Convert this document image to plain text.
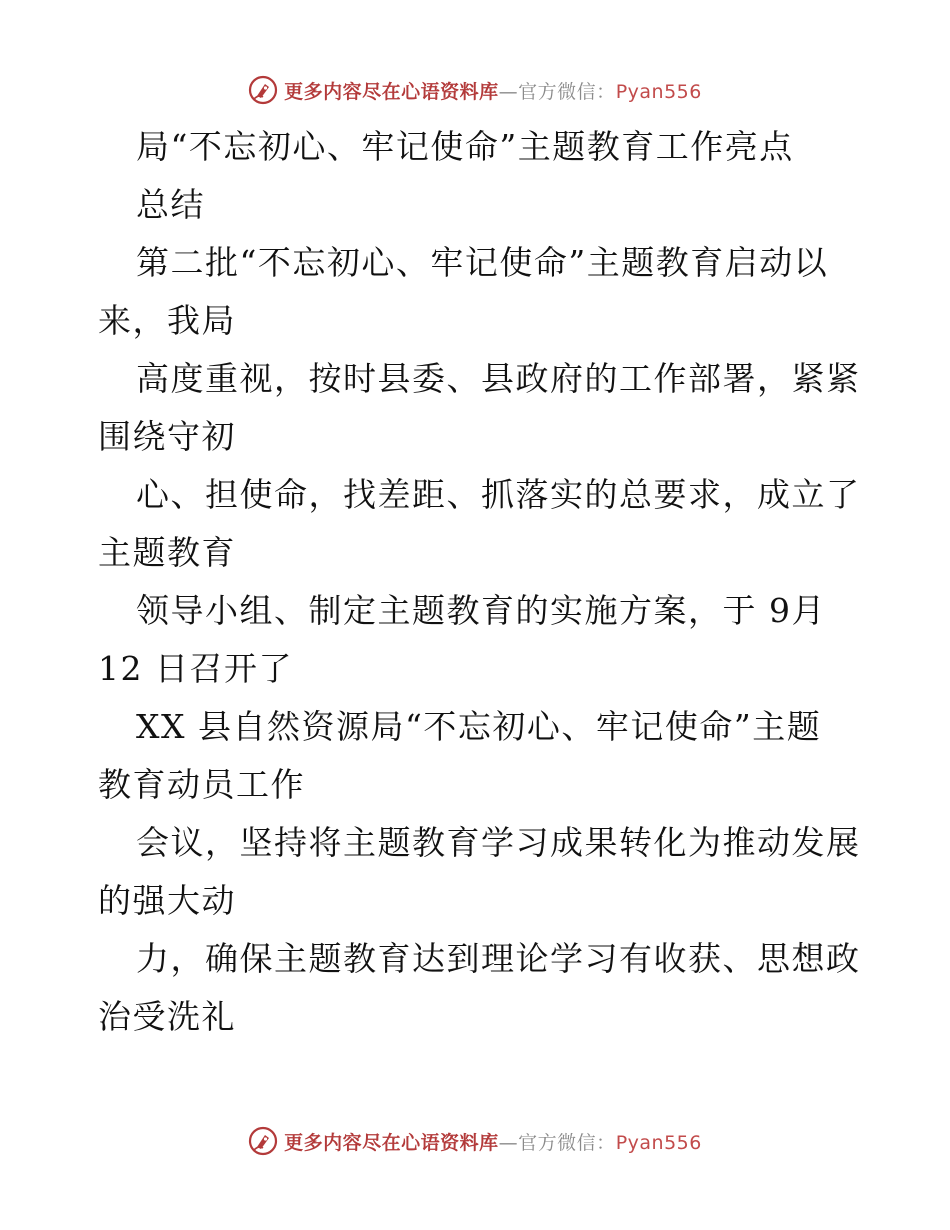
更多内容尽在心语资料库—官方微信：Pyan556
局“不忘初心、牢记使命”主题教育工作亮点
总结
第二批“不忘初心、牢记使命”主题教育启动以
来，我局
高度重视，按时县委、县政府的工作部署，紧紧
围绕守初
心、担使命，找差距、抓落实的总要求，成立了
主题教育
领导小组、制定主题教育的实施方案，于 9月
12 日召开了
XX 县自然资源局“不忘初心、牢记使命”主题
教育动员工作
会议，坚持将主题教育学习成果转化为推动发展
的强大动
力，确保主题教育达到理论学习有收获、思想政
治受洗礼
更多内容尽在心语资料库—官方微信：Pyan556
